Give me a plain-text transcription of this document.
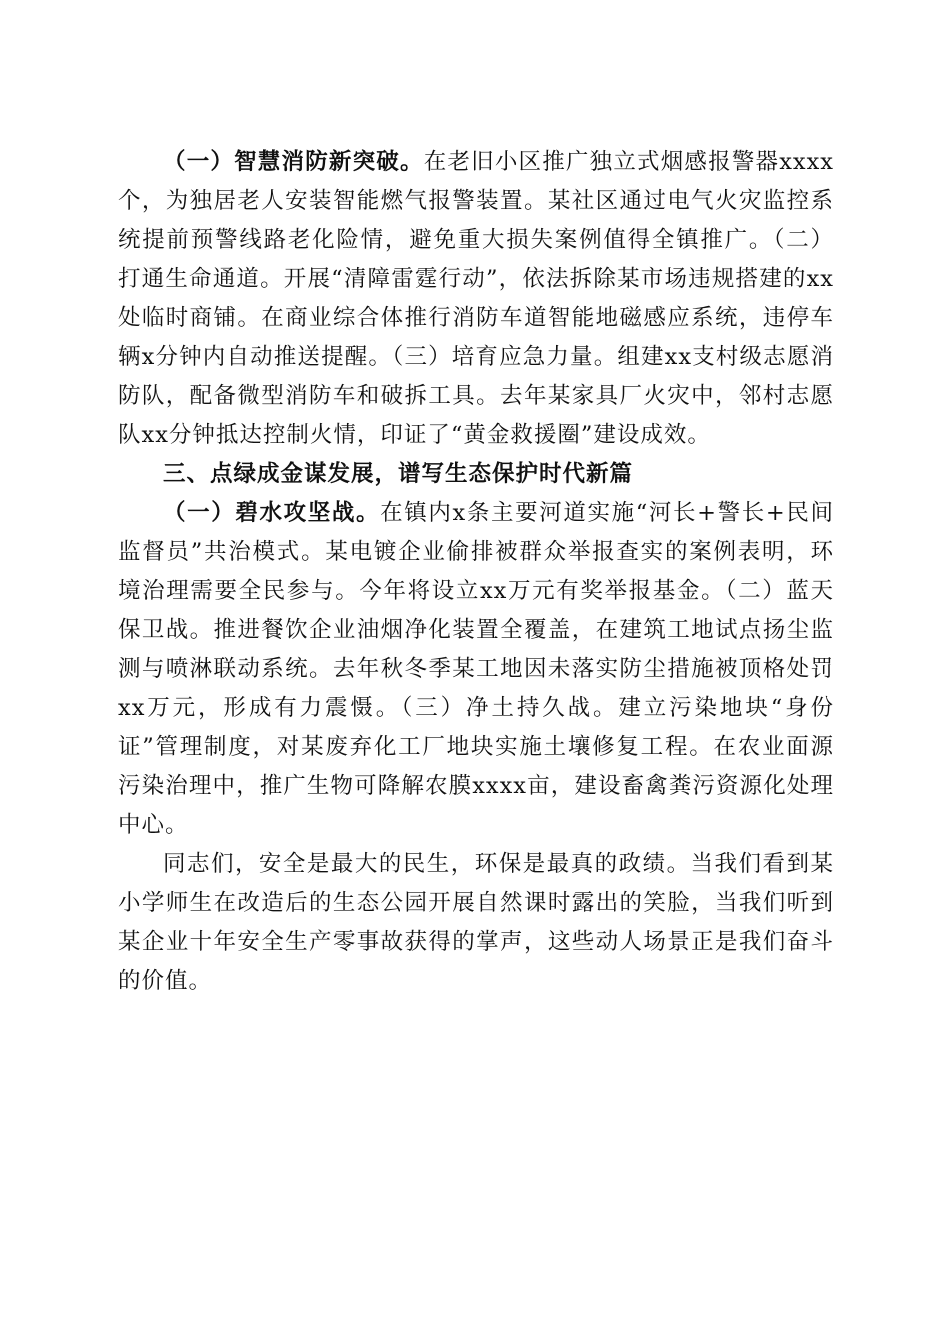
（一）智慧消防新突破。在老旧小区推广独立式烟感报警器xxxx个，为独居老人安装智能燃气报警装置。某社区通过电气火灾监控系统提前预警线路老化险情，避免重大损失案例值得全镇推广。（二）打通生命通道。开展“清障雷霆行动”，依法拆除某市场违规搭建的xx处临时商铺。在商业综合体推行消防车道智能地磁感应系统，违停车辆x分钟内自动推送提醒。（三）培育应急力量。组建xx支村级志愿消防队，配备微型消防车和破拆工具。去年某家具厂火灾中，邻村志愿队xx分钟抵达控制火情，印证了“黄金救援圈”建设成效。

三、点绿成金谋发展，谱写生态保护时代新篇

（一）碧水攻坚战。在镇内x条主要河道实施“河长+警长+民间监督员”共治模式。某电镀企业偷排被群众举报查实的案例表明，环境治理需要全民参与。今年将设立xx万元有奖举报基金。（二）蓝天保卫战。推进餐饮企业油烟净化装置全覆盖，在建筑工地试点扬尘监测与喷淋联动系统。去年秋冬季某工地因未落实防尘措施被顶格处罚xx万元，形成有力震慑。（三）净土持久战。建立污染地块“身份证”管理制度，对某废弃化工厂地块实施土壤修复工程。在农业面源污染治理中，推广生物可降解农膜xxxx亩，建设畜禽粪污资源化处理中心。

同志们，安全是最大的民生，环保是最真的政绩。当我们看到某小学师生在改造后的生态公园开展自然课时露出的笑脸，当我们听到某企业十年安全生产零事故获得的掌声，这些动人场景正是我们奋斗的价值。
